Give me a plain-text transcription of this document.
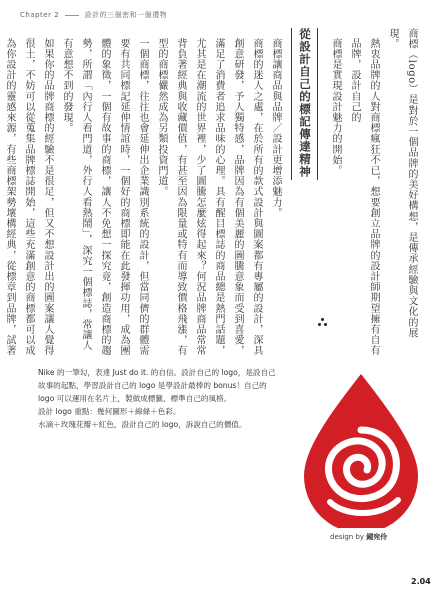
Chapter 2	設計的三個密和一個禮物

商標（logo）是對於一個品牌的美好構想，是傳承經驗與文化的展現。

熱衷品牌的人對商標瘋狂不已，想要創立品牌的設計師期望擁有自有品牌，設計自己的

商標是實現設計魅力的開始。

從設計自己的標記傳達精神

商標讓商品與品牌／設計更增添魅力。

商標的迷人之處，在於所有的款式設計與圖案都有專屬的設計，深具創意研發，予人獨特感，品牌因為有個美麗的圖騰意象而受到喜愛，滿足了消費者追求品味的心理。具有醒目標誌的商品總是熱門話題，尤其是在潮流的世界裡，少了圖騰怎麼炫得起來？何況品牌商品常常背負著經典與收藏價值，有甚至因為限量或特有而導致價格飛漲，有型的商標儼然成為另類投資門道。

一個商標，往往也會延伸出企業識別系統的設計，但當同儕的群體需要有共同標記延伸情誼時，一個好的商標即能在此發揮功用，成為團體的象徵，一個有故事的商標，讓人不免想一探究竟，創造商標的趨勢，所謂「內行人看門道，外行人看熱鬧」，深究一個標誌，常讓人有意想不到的發現。

如果你的品牌商標的經驗不是很足，但又不想設計出的圖案讓人覺得很土，不妨可以從蒐集品牌標誌開始，這些充滿創意的商標都可以成為你設計的靈感來源，有些商標架勢壞構經典，從標章到品牌，試著

Nike 的一筆勾，表達 Just do it. 的自信。設計自己的 logo，是設自己

故事的起點，學習設計自己的 logo 是學設計最棒的 bonus！自己的

logo 可以運用在名片上，製做成標籤、標準自己的風格。

設計 logo 重點：幾何圖形＋線條＋色彩。

水滴＋玫瑰花瓣＋紅色，設計自己的 logo，訴說自己的價值。

design by 鍾宛伶
2.04
